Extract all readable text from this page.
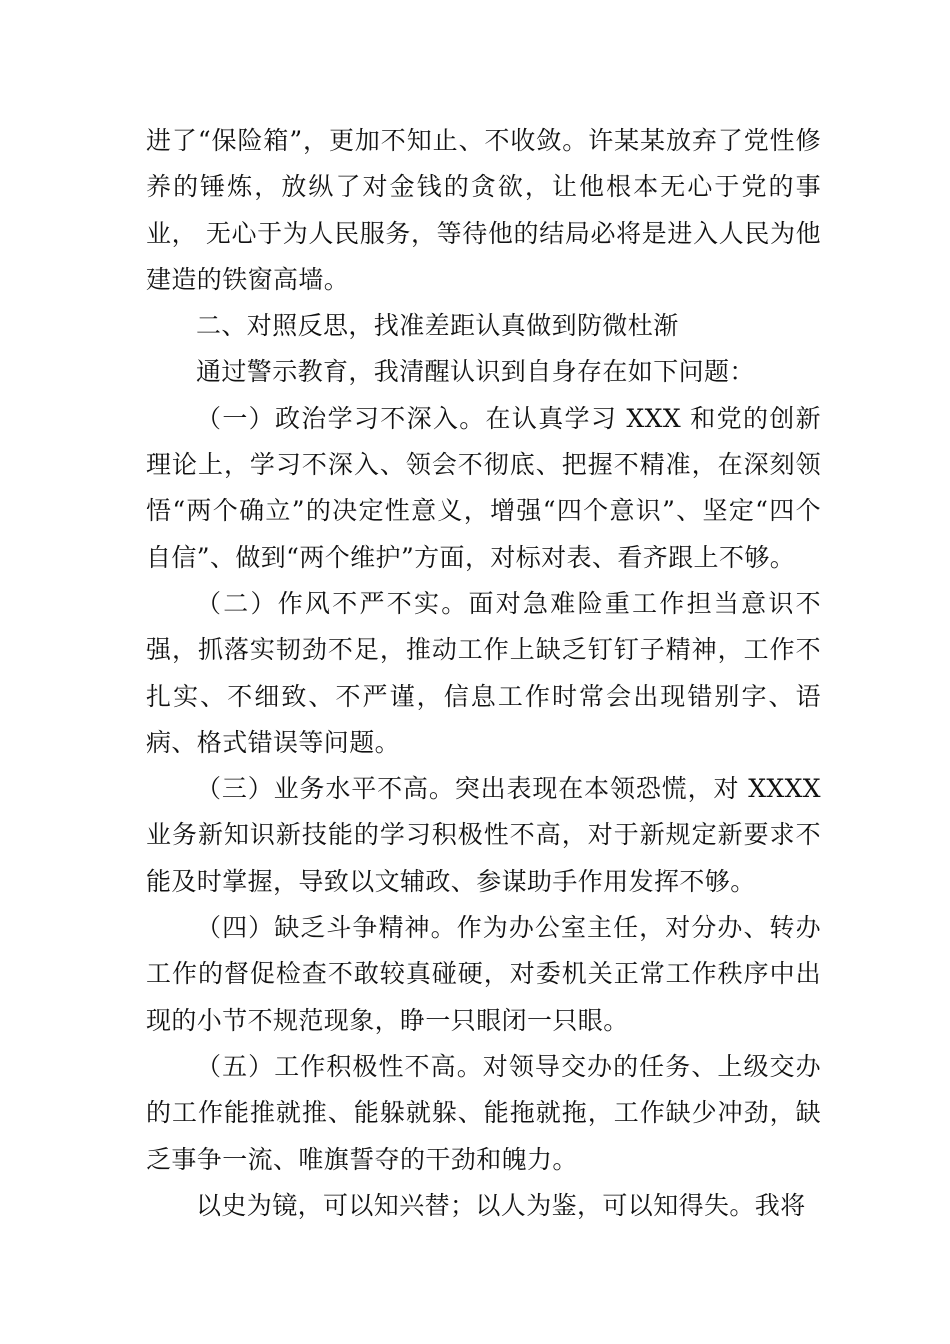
进了“保险箱”，更加不知止、不收敛。许某某放弃了党性修养的锤炼，放纵了对金钱的贪欲，让他根本无心于党的事业， 无心于为人民服务，等待他的结局必将是进入人民为他建造的铁窗高墙。

二、对照反思，找准差距认真做到防微杜渐

通过警示教育，我清醒认识到自身存在如下问题：

（一）政治学习不深入。在认真学习 XXX 和党的创新理论上，学习不深入、领会不彻底、把握不精准，在深刻领悟“两个确立”的决定性意义，增强“四个意识”、坚定“四个自信”、做到“两个维护”方面，对标对表、看齐跟上不够。

（二）作风不严不实。面对急难险重工作担当意识不强，抓落实韧劲不足，推动工作上缺乏钉钉子精神，工作不扎实、不细致、不严谨，信息工作时常会出现错别字、语病、格式错误等问题。

（三）业务水平不高。突出表现在本领恐慌，对 XXXX 业务新知识新技能的学习积极性不高，对于新规定新要求不能及时掌握，导致以文辅政、参谋助手作用发挥不够。

（四）缺乏斗争精神。作为办公室主任，对分办、转办工作的督促检查不敢较真碰硬，对委机关正常工作秩序中出现的小节不规范现象，睁一只眼闭一只眼。

（五）工作积极性不高。对领导交办的任务、上级交办的工作能推就推、能躲就躲、能拖就拖，工作缺少冲劲，缺乏事争一流、唯旗誓夺的干劲和魄力。

以史为镜，可以知兴替；以人为鉴，可以知得失。我将
